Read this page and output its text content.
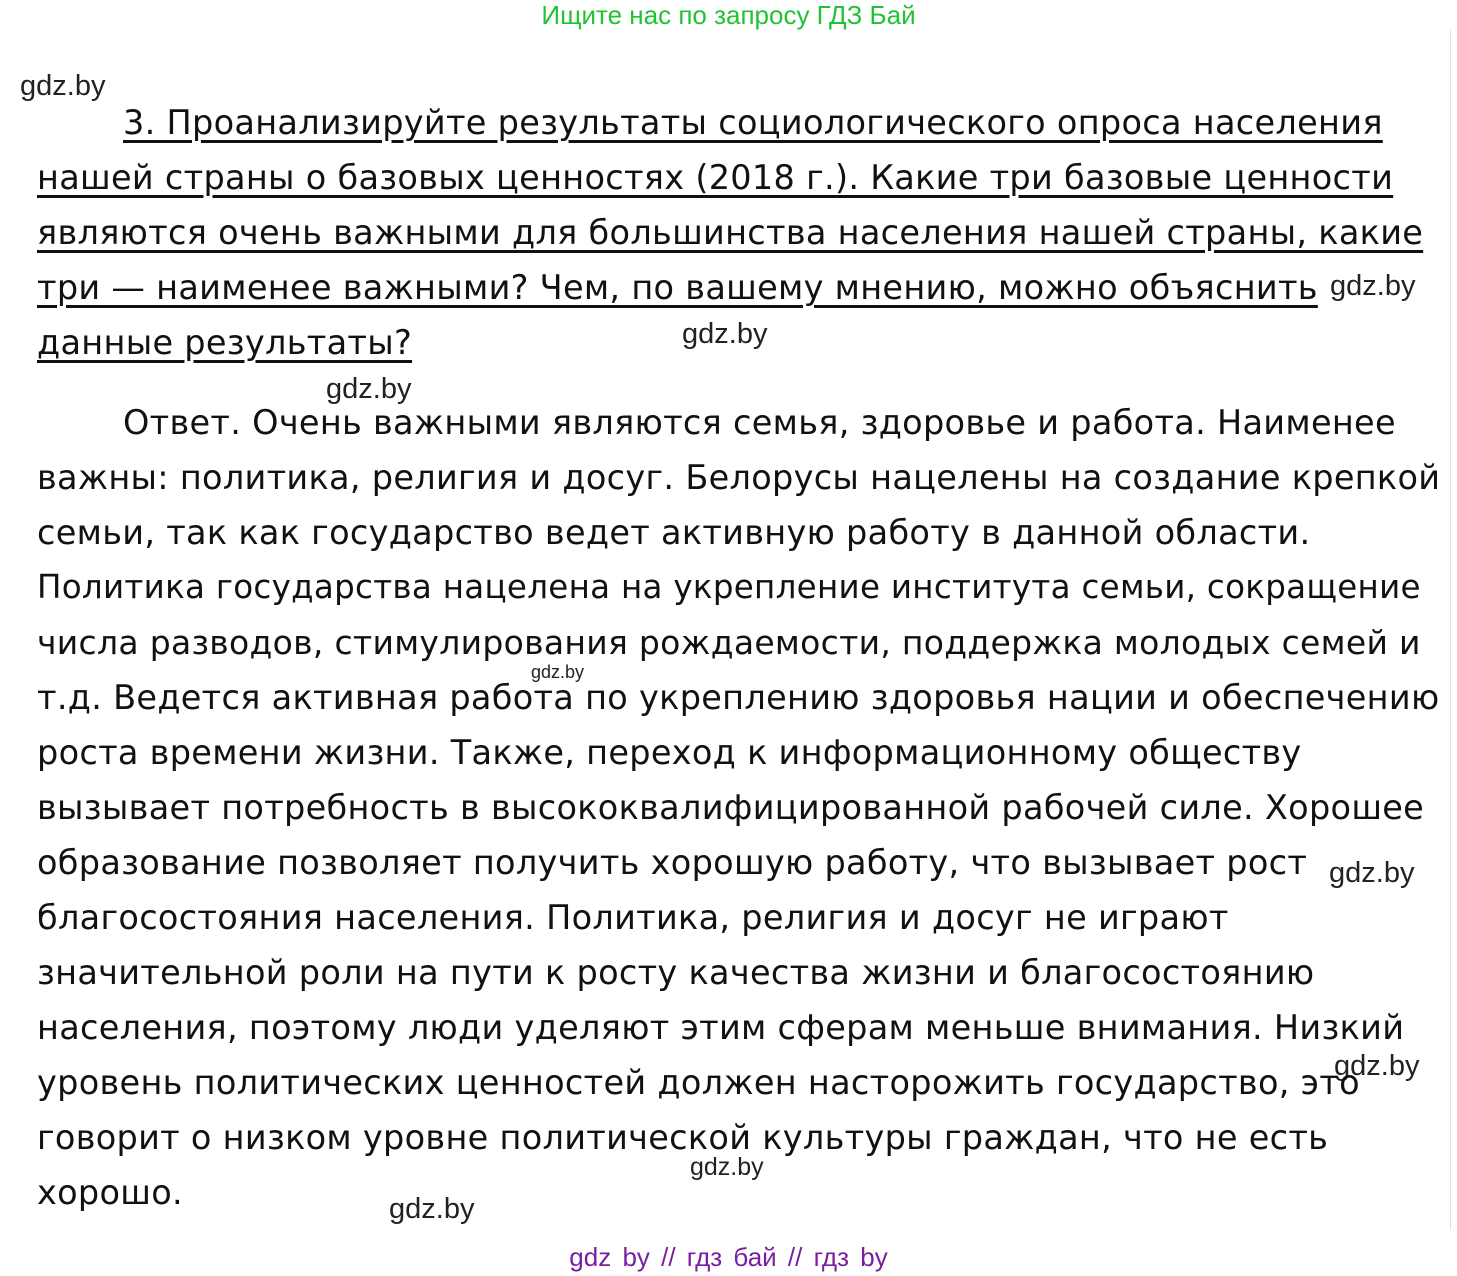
Ищите нас по запросу ГДЗ Бай
gdz.by
gdz.by
gdz.by
gdz.by
gdz.by
gdz.by
gdz.by
gdz.by
gdz.by
3. Проанализируйте результаты социологического опроса населения
нашей страны о базовых ценностях (2018 г.). Какие три базовые ценности
являются очень важными для большинства населения нашей страны, какие
три — наименее важными? Чем, по вашему мнению, можно объяснить
данные результаты?
Ответ. Очень важными являются семья, здоровье и работа. Наименее
важны: политика, религия и досуг. Белорусы нацелены на создание крепкой
семьи, так как государство ведет активную работу в данной области.
Политика государства нацелена на укрепление института семьи, сокращение
числа разводов, стимулирования рождаемости, поддержка молодых семей и
т.д. Ведется активная работа по укреплению здоровья нации и обеспечению
роста времени жизни. Также, переход к информационному обществу
вызывает потребность в высококвалифицированной рабочей силе. Хорошее
образование позволяет получить хорошую работу, что вызывает рост
благосостояния населения. Политика, религия и досуг не играют
значительной роли на пути к росту качества жизни и благосостоянию
населения, поэтому люди уделяют этим сферам меньше внимания. Низкий
уровень политических ценностей должен насторожить государство, это
говорит о низком уровне политической культуры граждан, что не есть
хорошо.
gdz by // гдз бай // гдз by
